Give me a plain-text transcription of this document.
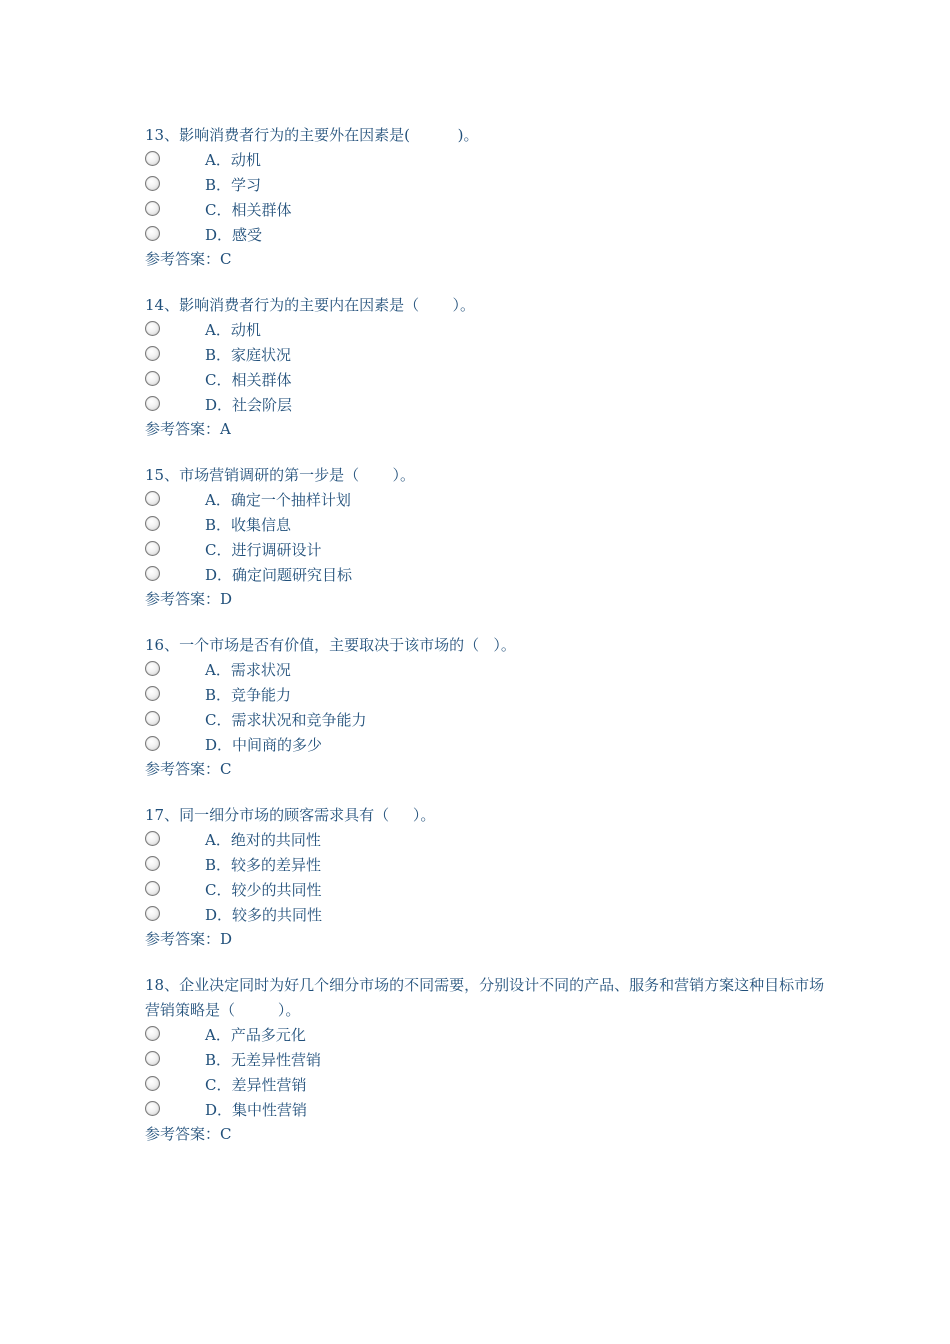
13、影响消费者行为的主要外在因素是(          )。
A．动机
B．学习
C．相关群体
D．感受
参考答案：C
14、影响消费者行为的主要内在因素是（       ）。
A．动机
B．家庭状况
C．相关群体
D．社会阶层
参考答案：A
15、市场营销调研的第一步是（       ）。
A．确定一个抽样计划
B．收集信息
C．进行调研设计
D．确定问题研究目标
参考答案：D
16、一个市场是否有价值，主要取决于该市场的（   ）。
A．需求状况
B．竞争能力
C．需求状况和竞争能力
D．中间商的多少
参考答案：C
17、同一细分市场的顾客需求具有（     ）。
A．绝对的共同性
B．较多的差异性
C．较少的共同性
D．较多的共同性
参考答案：D
18、企业决定同时为好几个细分市场的不同需要，分别设计不同的产品、服务和营销方案这种目标市场营销策略是（         ）。
A．产品多元化
B．无差异性营销
C．差异性营销
D．集中性营销
参考答案：C
